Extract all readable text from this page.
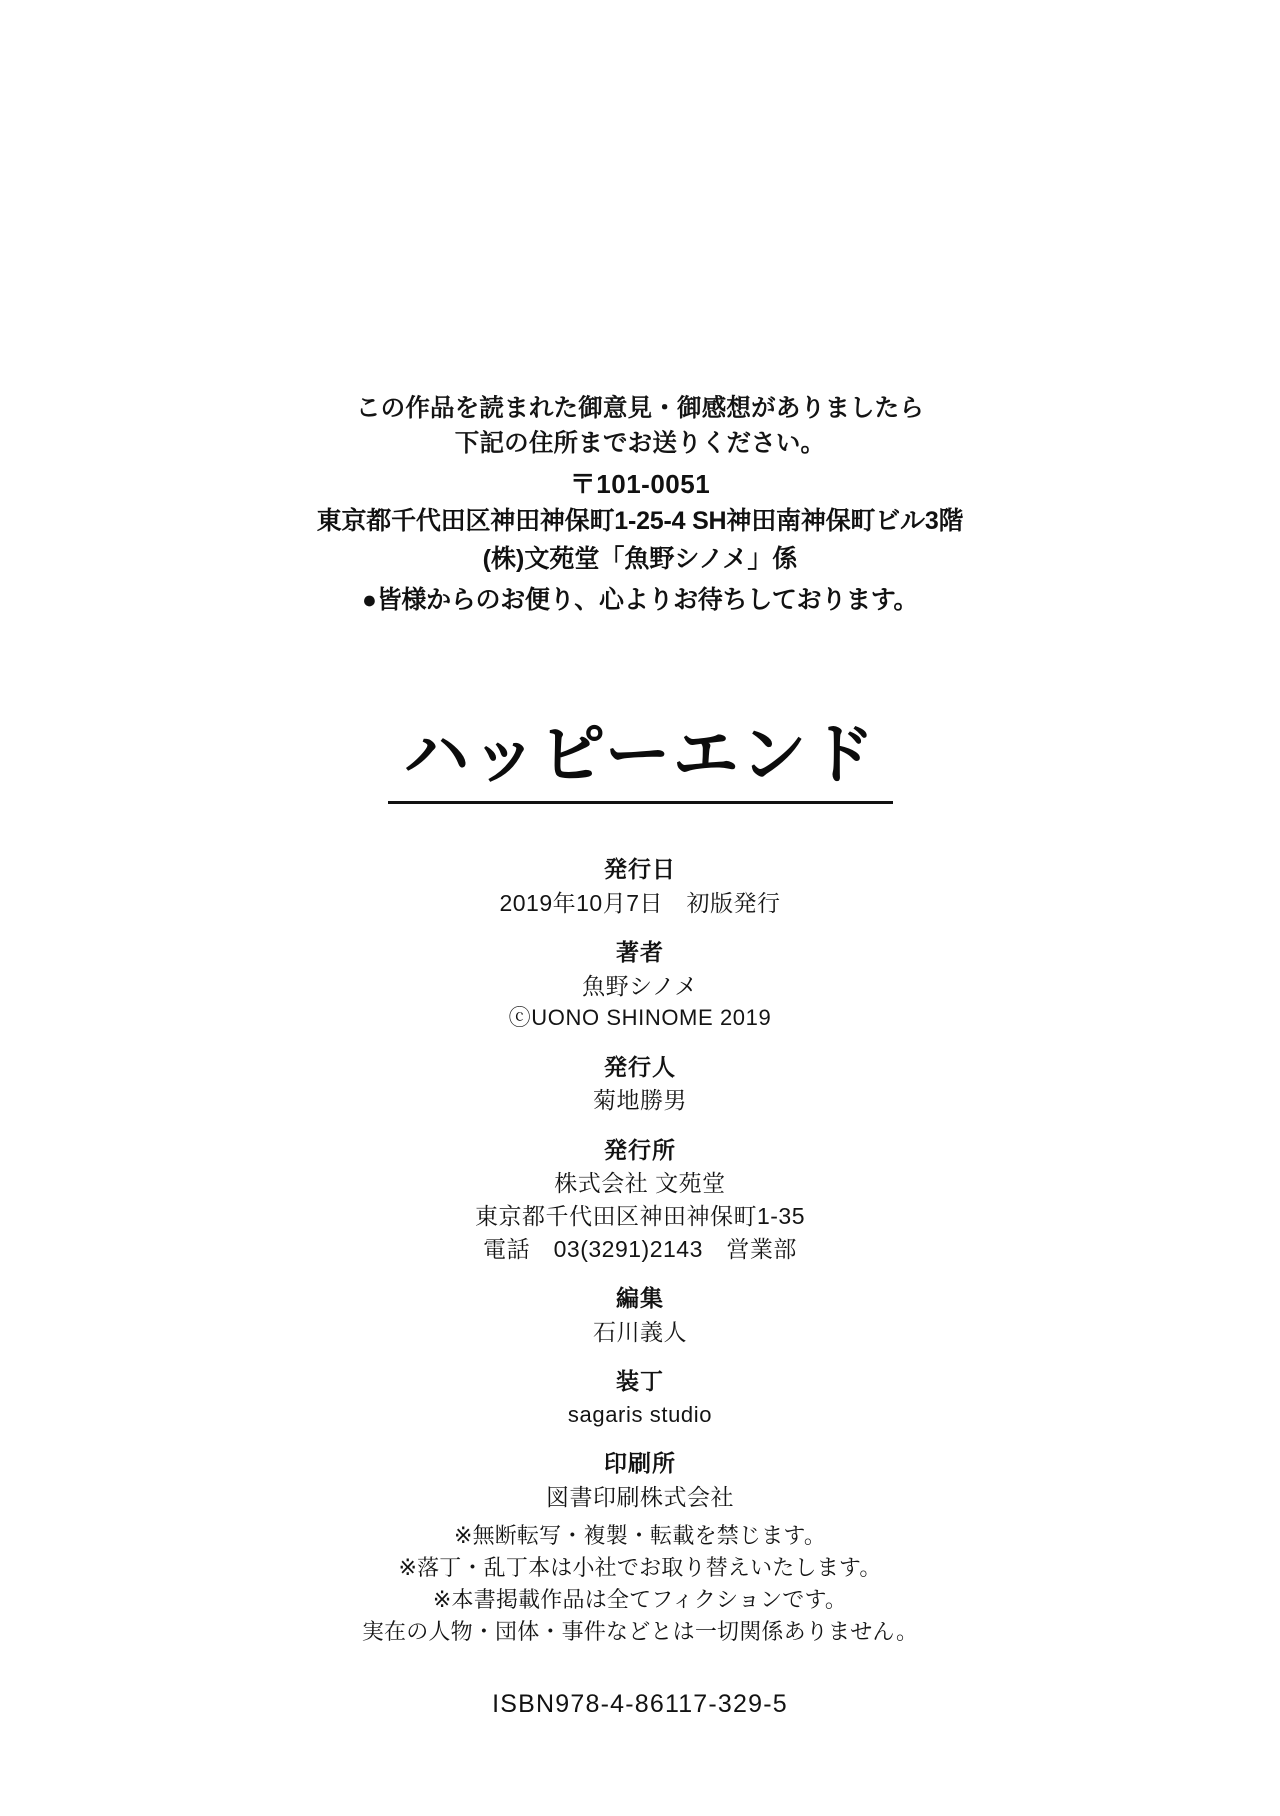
この作品を読まれた御意見・御感想がありましたら
下記の住所までお送りください。
〒101-0051
東京都千代田区神田神保町1-25-4 SH神田南神保町ビル3階
(株)文苑堂「魚野シノメ」係
●皆様からのお便り、心よりお待ちしております。
ハッピーエンド
発行日
2019年10月7日　初版発行
著者
魚野シノメ
ⓒUONO SHINOME 2019
発行人
菊地勝男
発行所
株式会社 文苑堂
東京都千代田区神田神保町1-35
電話　03(3291)2143　営業部
編集
石川義人
装丁
sagaris studio
印刷所
図書印刷株式会社
※無断転写・複製・転載を禁じます。
※落丁・乱丁本は小社でお取り替えいたします。
※本書掲載作品は全てフィクションです。
実在の人物・団体・事件などとは一切関係ありません。
ISBN978-4-86117-329-5
